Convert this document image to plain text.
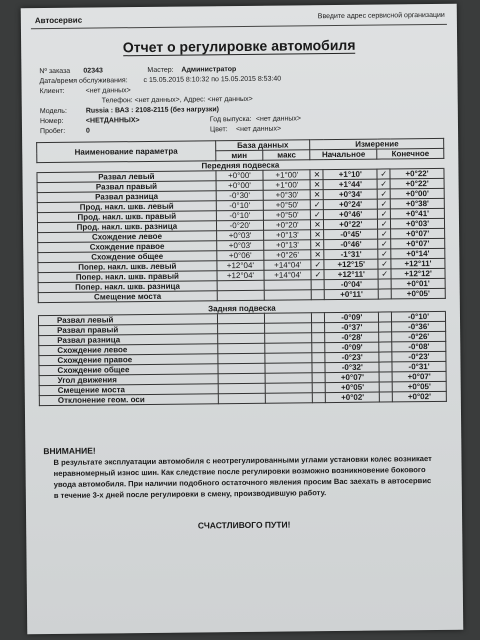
Автосервис	Введите адрес сервисной организации
Отчет о регулировке автомобиля
Nº заказа 02343	Мастер: Администратор
Дата/время обслуживания: с 15.05.2015 8:10:32 по 15.05.2015 8:53:40
Клиент:	<нет данных>
Телефон: <нет данных>, Адрес: <нет данных>
Модель:	Russia : ВАЗ : 2108-2115 (без нагрузки)
Номер:	<НЕТДАННЫХ>	Год выпуска: <нет данных>
Пробег:	0	Цвет: <нет данных>
Наименование параметра	База данных		Измерение			
	мин	макс	Начальное		Конечное	
Передняя подвеска						
Развал левый	+0°00'	+1°00'	✕	+1°10'	✓	+0°22'
Развал правый	+0°00'	+1°00'	✕	+1°44'	✓	+0°22'
Развал разница	-0°30'	+0°30'	✕	+0°34'	✓	+0°00'
Прод. накл. шкв. левый	-0°10'	+0°50'	✓	+0°24'	✓	+0°38'
Прод. накл. шкв. правый	-0°10'	+0°50'	✓	+0°46'	✓	+0°41'
Прод. накл. шкв. разница	-0°20'	+0°20'	✕	+0°22'	✓	+0°03'
Схождение левое	+0°03'	+0°13'	✕	-0°45'	✓	+0°07'
Схождение правое	+0°03'	+0°13'	✕	-0°46'	✓	+0°07'
Схождение общее	+0°06'	+0°26'	✕	-1°31'	✓	+0°14'
Попер. накл. шкв. левый	+12°04'	+14°04'	✓	+12°15'	✓	+12°11'
Попер. накл. шкв. правый	+12°04'	+14°04'	✓	+12°11'	✓	+12°12'
Попер. накл. шкв. разница				-0°04'		+0°01'
Смещение моста				+0°11'		+0°05'
Задняя подвеска						
Развал левый				-0°09'		-0°10'
Развал правый				-0°37'		-0°36'
Развал разница				-0°28'		-0°26'
Схождение левое				-0°09'		-0°08'
Схождение правое				-0°23'		-0°23'
Схождение общее				-0°32'		-0°31'
Угол движения				+0°07'		+0°07'
Смещение моста				+0°05'		+0°05'
Отклонение геом. оси				+0°02'		+0°02'
ВНИМАНИЕ!
В результате эксплуатации автомобиля с неотрегулированными углами установки колес возникает неравномерный износ шин. Как следствие после регулировки возможно возникновение бокового увода автомобиля. При наличии подобного остаточного явления просим Вас заехать в автосервис в течение 3-х дней после регулировки в смену, производившую работу.
СЧАСТЛИВОГО ПУТИ!
